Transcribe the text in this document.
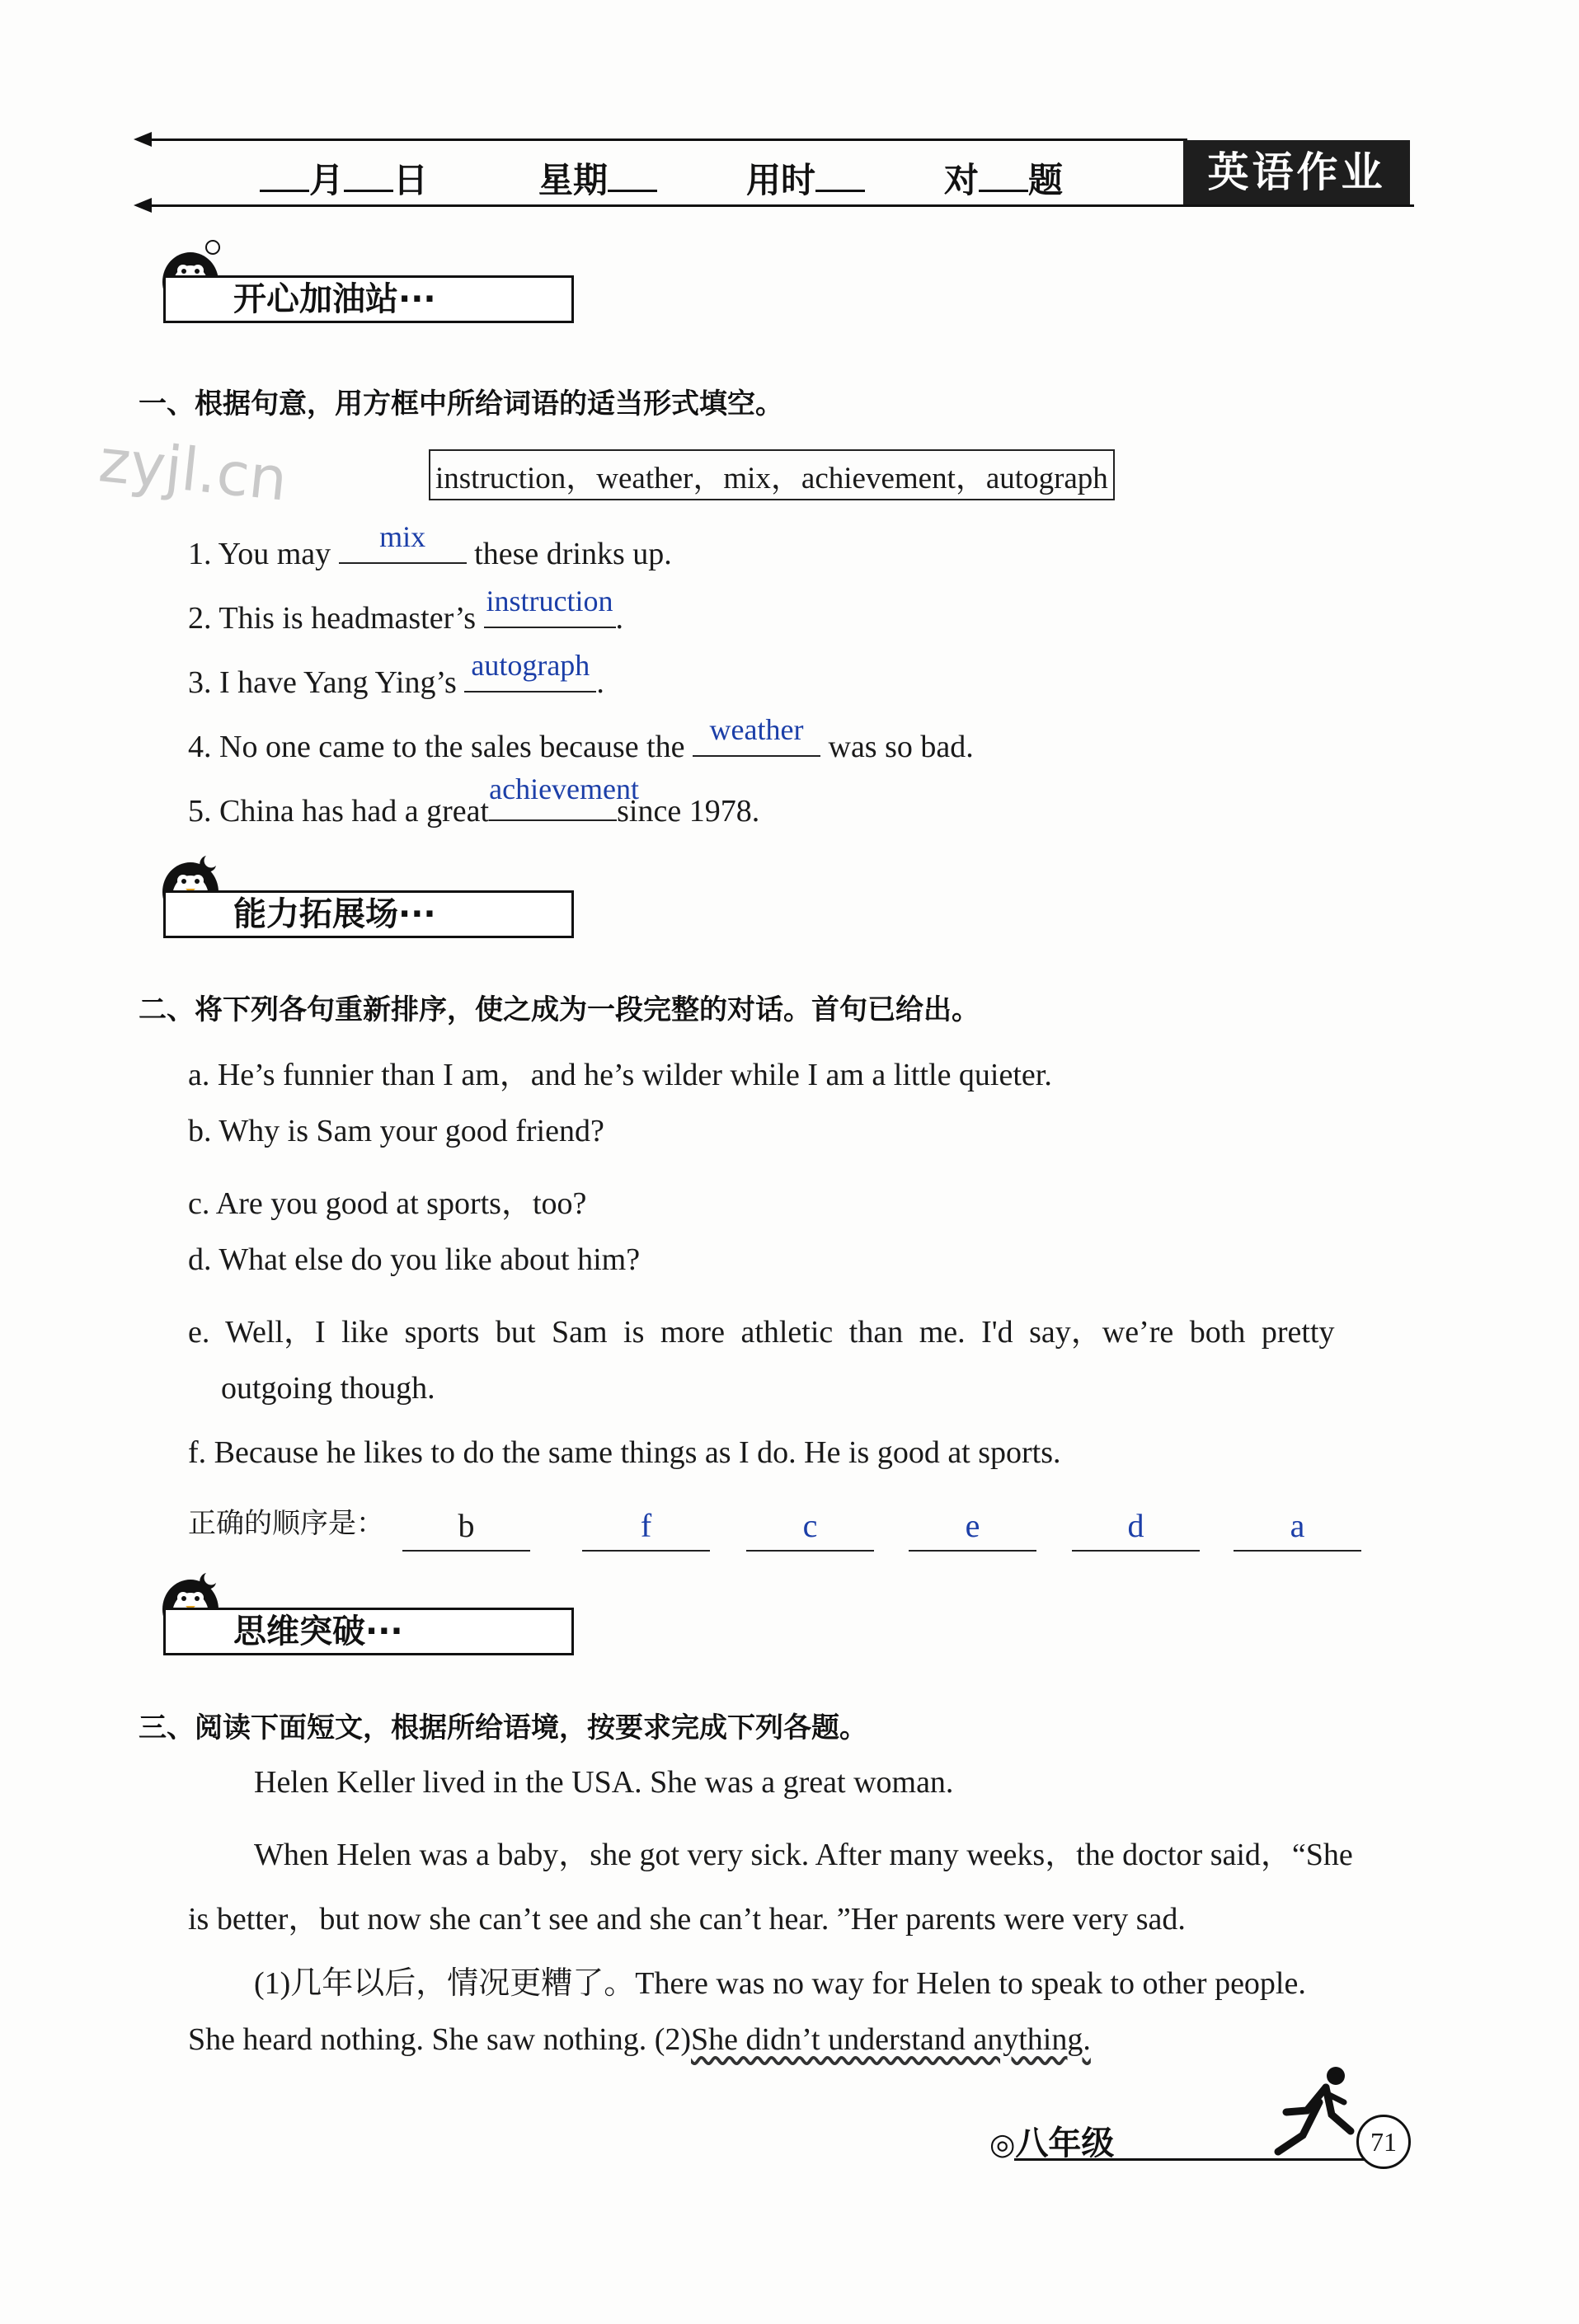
月 日	星期	用时	对 题	英语作业
开心加油站···
一、根据句意，用方框中所给词语的适当形式填空。
zyjl.cn	instruction，weather，mix，achievement，autograph
1. You may	mix	these drinks up.
2. This is headmaster’s instruction .
3. I have Yang Ying’s autograph .
4. No one came to the sales because the weather was so bad.
5. China has had a great
achievement
since 1978.
能力拓展场···
二、将下列各句重新排序，使之成为一段完整的对话。首句已给出。
a. He’s funnier than I am，and he’s wilder while I am a little quieter.
b. Why is Sam your good friend?
c. Are you good at sports，too?
d. What else do you like about him?
e. Well，I like sports but Sam is more athletic than me. I'd say，we’re both pretty
outgoing though.
f. Because he likes to do the same things as I do. He is good at sports.
正确的顺序是：	b	f	c	e	d	a
思维突破···
三、阅读下面短文，根据所给语境，按要求完成下列各题。
Helen Keller lived in the USA. She was a great woman.
When Helen was a baby，she got very sick. After many weeks，the doctor said，“She
is better，but now she can’t see and she can’t hear. ”Her parents were very sad.
(1)几年以后，情况更糟了。There was no way for Helen to speak to other people.
She heard nothing. She saw nothing. (2)She didn’t understand anything.
◎八年级	71
